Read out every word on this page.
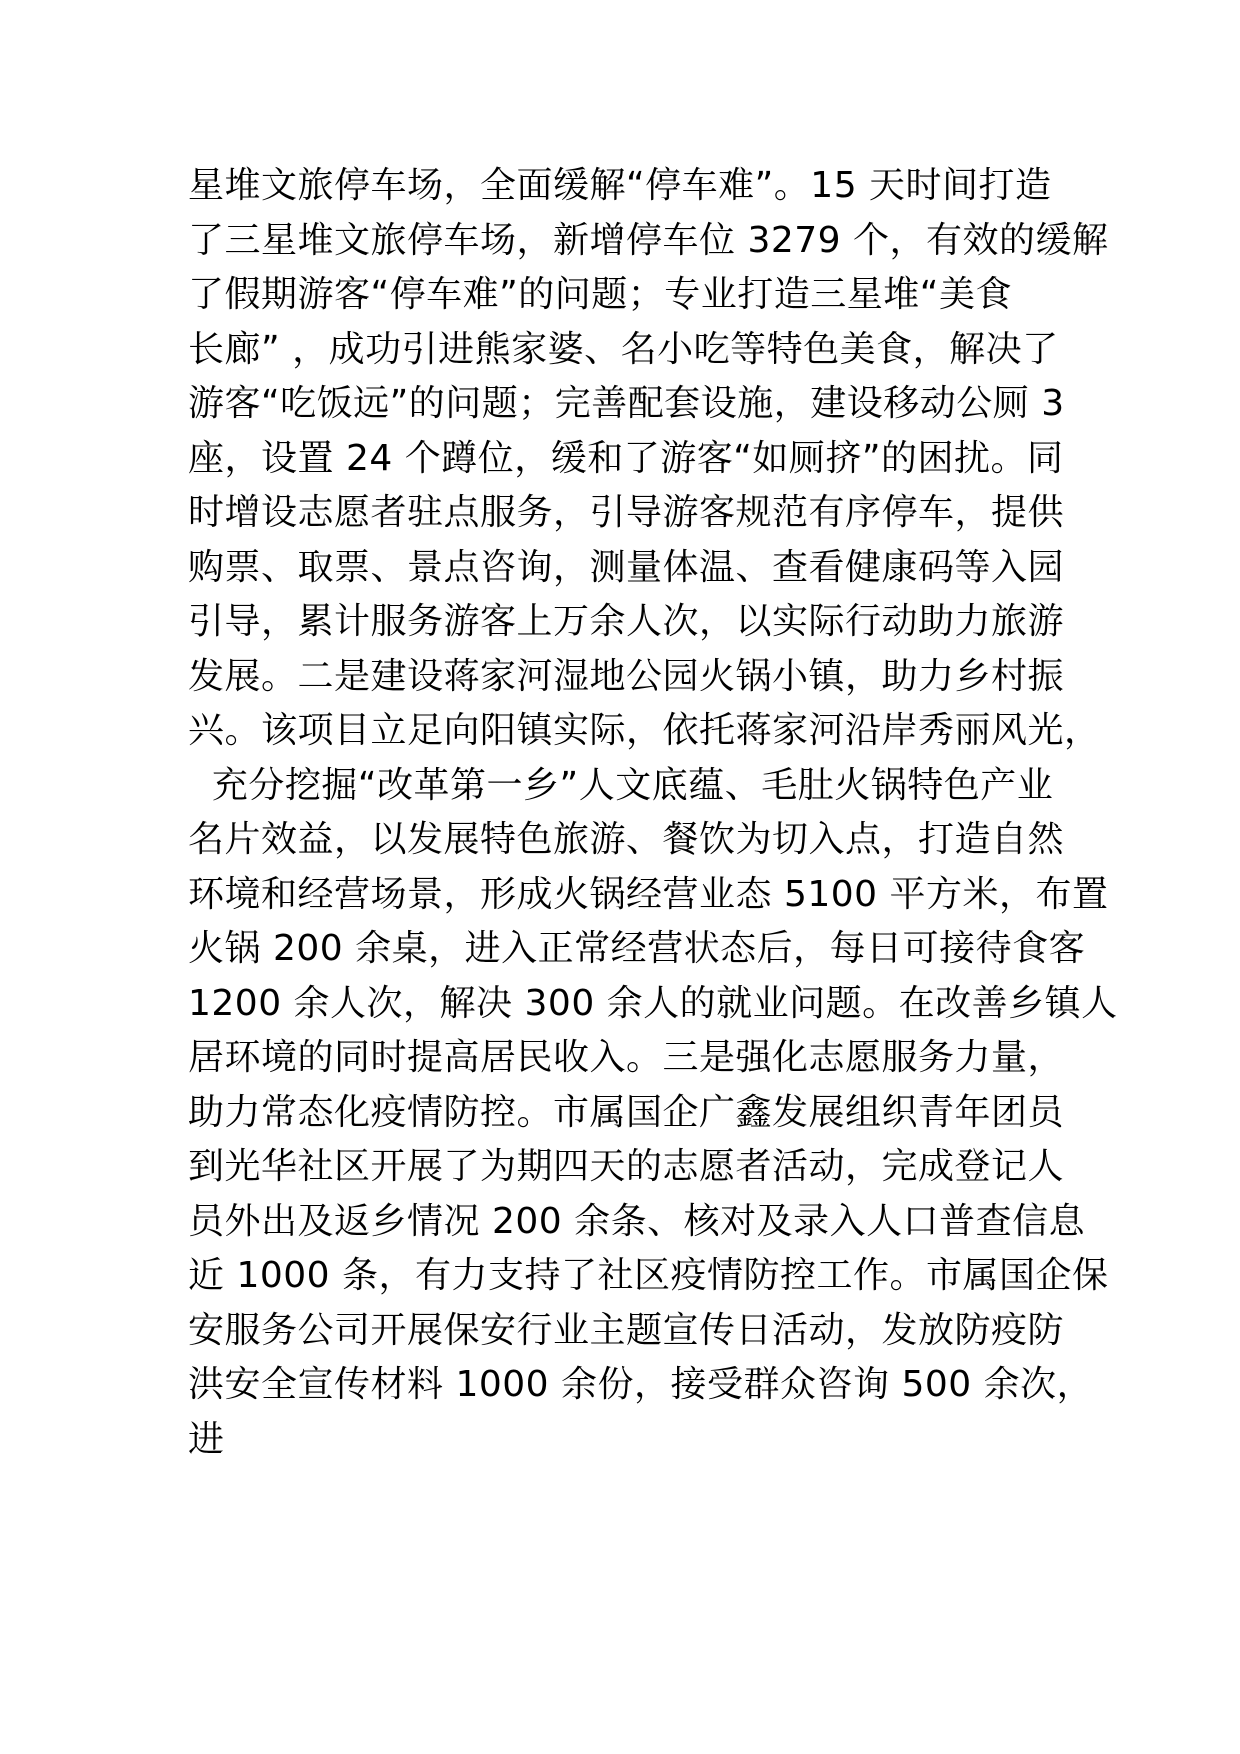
星堆文旅停车场，全面缓解“停车难”。15 天时间打造
了三星堆文旅停车场，新增停车位 3279 个，有效的缓解
了假期游客“停车难”的问题；专业打造三星堆“美食
长廊” ，成功引进熊家婆、名小吃等特色美食，解决了
游客“吃饭远”的问题；完善配套设施，建设移动公厕 3
座，设置 24 个蹲位，缓和了游客“如厕挤”的困扰。同
时增设志愿者驻点服务，引导游客规范有序停车，提供
购票、取票、景点咨询，测量体温、查看健康码等入园
引导，累计服务游客上万余人次，以实际行动助力旅游
发展。二是建设蒋家河湿地公园火锅小镇，助力乡村振
兴。该项目立足向阳镇实际，依托蒋家河沿岸秀丽风光，
充分挖掘“改革第一乡”人文底蕴、毛肚火锅特色产业
名片效益，以发展特色旅游、餐饮为切入点，打造自然
环境和经营场景，形成火锅经营业态 5100 平方米，布置
火锅 200 余桌，进入正常经营状态后，每日可接待食客
1200 余人次，解决 300 余人的就业问题。在改善乡镇人
居环境的同时提高居民收入。三是强化志愿服务力量，
助力常态化疫情防控。市属国企广鑫发展组织青年团员
到光华社区开展了为期四天的志愿者活动，完成登记人
员外出及返乡情况 200 余条、核对及录入人口普查信息
近 1000 条，有力支持了社区疫情防控工作。市属国企保
安服务公司开展保安行业主题宣传日活动，发放防疫防
洪安全宣传材料 1000 余份，接受群众咨询 500 余次，
进
